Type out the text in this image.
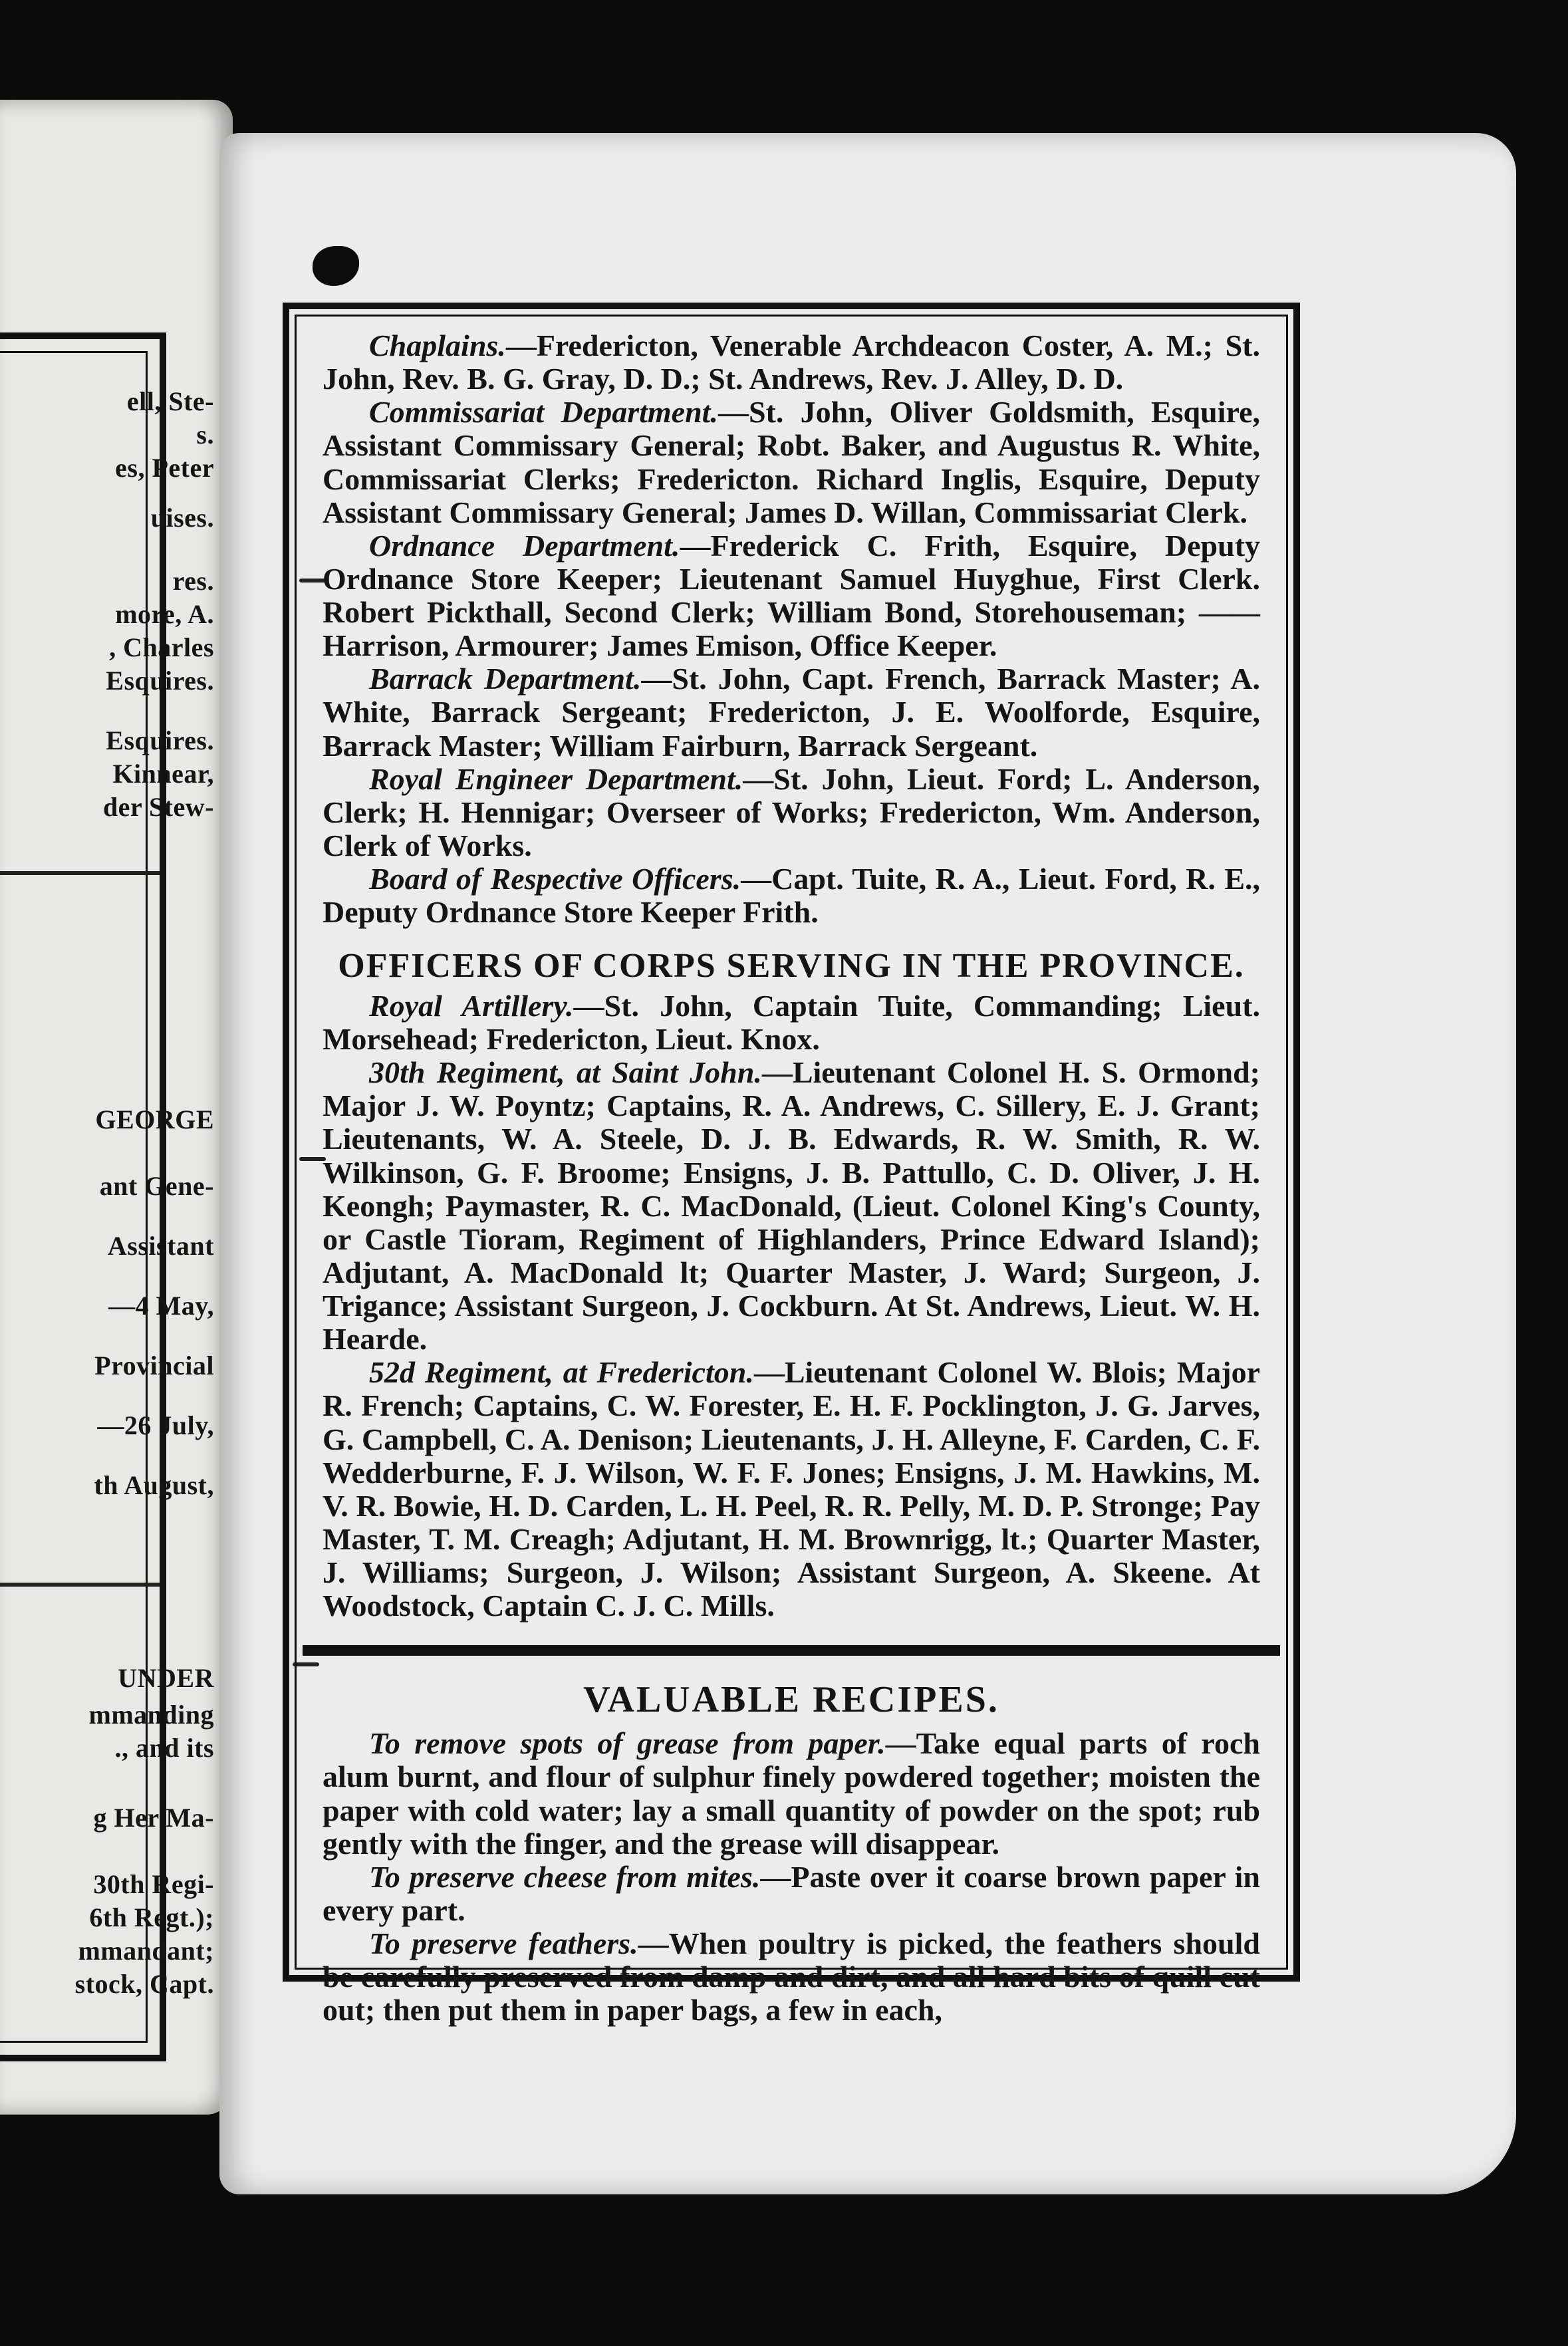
ell, Ste-
s.
es, Peter
uises.
res.
more, A.
, Charles
Esquires.
Esquires.
Kinnear,
der Stew-
GEORGE
ant Gene-
Assistant
—4 May,
Provincial
—26 July,
th August,
UNDER
mmanding
., and its
g Her Ma-
30th Regi-
6th Regt.);
mmandant;
stock, Capt.

Chaplains.—Fredericton, Venerable Archdeacon Coster, A. M.; St. John, Rev. B. G. Gray, D. D.; St. Andrews, Rev. J. Alley, D. D.

Commissariat Department.—St. John, Oliver Goldsmith, Esquire, Assistant Commissary General; Robt. Baker, and Augustus R. White, Commissariat Clerks; Fredericton. Richard Inglis, Esquire, Deputy Assistant Commissary General; James D. Willan, Commissariat Clerk.

Ordnance Department.—Frederick C. Frith, Esquire, Deputy Ordnance Store Keeper; Lieutenant Samuel Huyghue, First Clerk. Robert Pickthall, Second Clerk; William Bond, Storehouseman; —— Harrison, Armourer; James Emison, Office Keeper.

Barrack Department.—St. John, Capt. French, Barrack Master; A. White, Barrack Sergeant; Fredericton, J. E. Woolforde, Esquire, Barrack Master; William Fairburn, Barrack Sergeant.

Royal Engineer Department.—St. John, Lieut. Ford; L. Anderson, Clerk; H. Hennigar; Overseer of Works; Fredericton, Wm. Anderson, Clerk of Works.

Board of Respective Officers.—Capt. Tuite, R. A., Lieut. Ford, R. E., Deputy Ordnance Store Keeper Frith.

OFFICERS OF CORPS SERVING IN THE PROVINCE.

Royal Artillery.—St. John, Captain Tuite, Commanding; Lieut. Morsehead; Fredericton, Lieut. Knox.

30th Regiment, at Saint John.—Lieutenant Colonel H. S. Ormond; Major J. W. Poyntz; Captains, R. A. Andrews, C. Sillery, E. J. Grant; Lieutenants, W. A. Steele, D. J. B. Edwards, R. W. Smith, R. W. Wilkinson, G. F. Broome; Ensigns, J. B. Pattullo, C. D. Oliver, J. H. Keongh; Paymaster, R. C. MacDonald, (Lieut. Colonel King's County, or Castle Tioram, Regiment of Highlanders, Prince Edward Island); Adjutant, A. MacDonald lt; Quarter Master, J. Ward; Surgeon, J. Trigance; Assistant Surgeon, J. Cockburn. At St. Andrews, Lieut. W. H. Hearde.

52d Regiment, at Fredericton.—Lieutenant Colonel W. Blois; Major R. French; Captains, C. W. Forester, E. H. F. Pocklington, J. G. Jarves, G. Campbell, C. A. Denison; Lieutenants, J. H. Alleyne, F. Carden, C. F. Wedderburne, F. J. Wilson, W. F. F. Jones; Ensigns, J. M. Hawkins, M. V. R. Bowie, H. D. Carden, L. H. Peel, R. R. Pelly, M. D. P. Stronge; Pay Master, T. M. Creagh; Adjutant, H. M. Brownrigg, lt.; Quarter Master, J. Williams; Surgeon, J. Wilson; Assistant Surgeon, A. Skeene. At Woodstock, Captain C. J. C. Mills.

VALUABLE RECIPES.

To remove spots of grease from paper.—Take equal parts of roch alum burnt, and flour of sulphur finely powdered together; moisten the paper with cold water; lay a small quantity of powder on the spot; rub gently with the finger, and the grease will disappear.

To preserve cheese from mites.—Paste over it coarse brown paper in every part.

To preserve feathers.—When poultry is picked, the feathers should be carefully preserved from damp and dirt, and all hard bits of quill cut out; then put them in paper bags, a few in each,
